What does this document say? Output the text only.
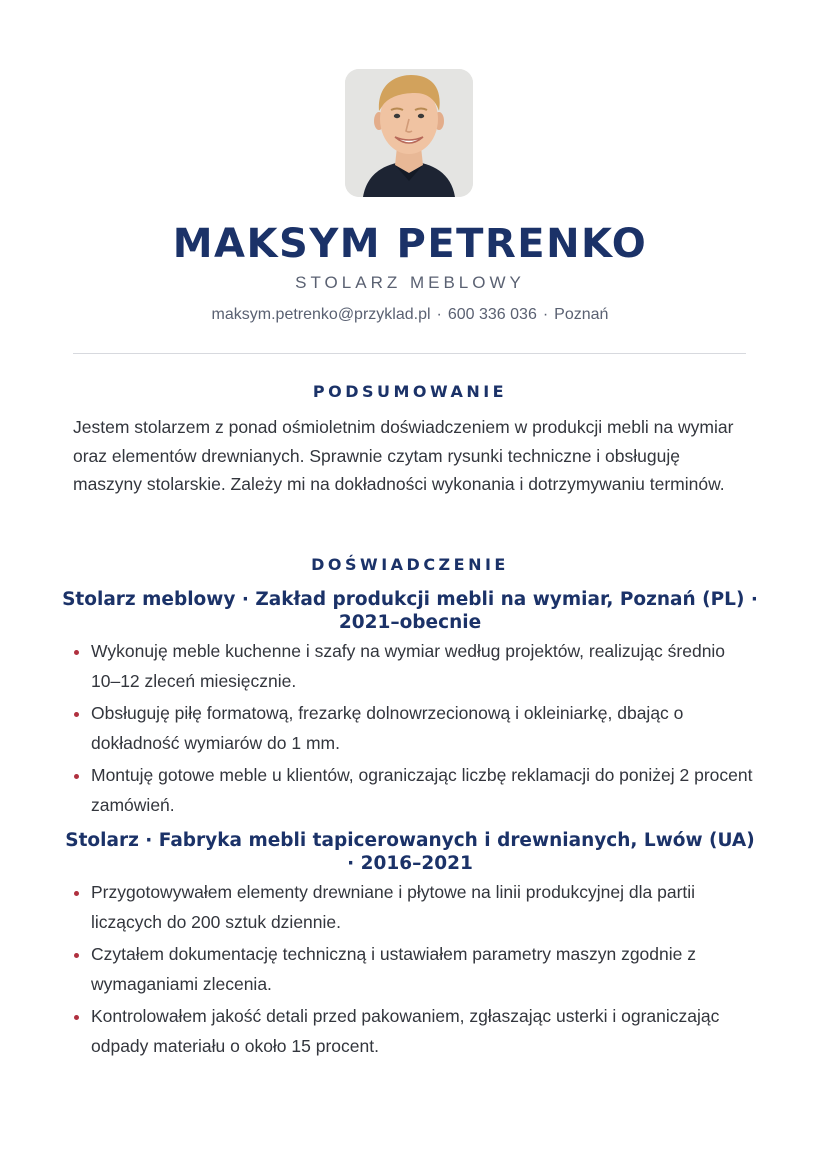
MAKSYM PETRENKO
STOLARZ MEBLOWY
maksym.petrenko@przyklad.pl · 600 336 036 · Poznań
PODSUMOWANIE

Jestem stolarzem z ponad ośmioletnim doświadczeniem w produkcji mebli na wymiar oraz elementów drewnianych. Sprawnie czytam rysunki techniczne i obsługuję maszyny stolarskie. Zależy mi na dokładności wykonania i dotrzymywaniu terminów.

DOŚWIADCZENIE
Stolarz meblowy · Zakład produkcji mebli na wymiar, Poznań (PL) · 2021–obecnie
Wykonuję meble kuchenne i szafy na wymiar według projektów, realizując średnio 10–12 zleceń miesięcznie.
Obsługuję piłę formatową, frezarkę dolnowrzecionową i okleiniarkę, dbając o dokładność wymiarów do 1 mm.
Montuję gotowe meble u klientów, ograniczając liczbę reklamacji do poniżej 2 procent zamówień.
Stolarz · Fabryka mebli tapicerowanych i drewnianych, Lwów (UA) · 2016–2021
Przygotowywałem elementy drewniane i płytowe na linii produkcyjnej dla partii liczących do 200 sztuk dziennie.
Czytałem dokumentację techniczną i ustawiałem parametry maszyn zgodnie z wymaganiami zlecenia.
Kontrolowałem jakość detali przed pakowaniem, zgłaszając usterki i ograniczając odpady materiału o około 15 procent.
